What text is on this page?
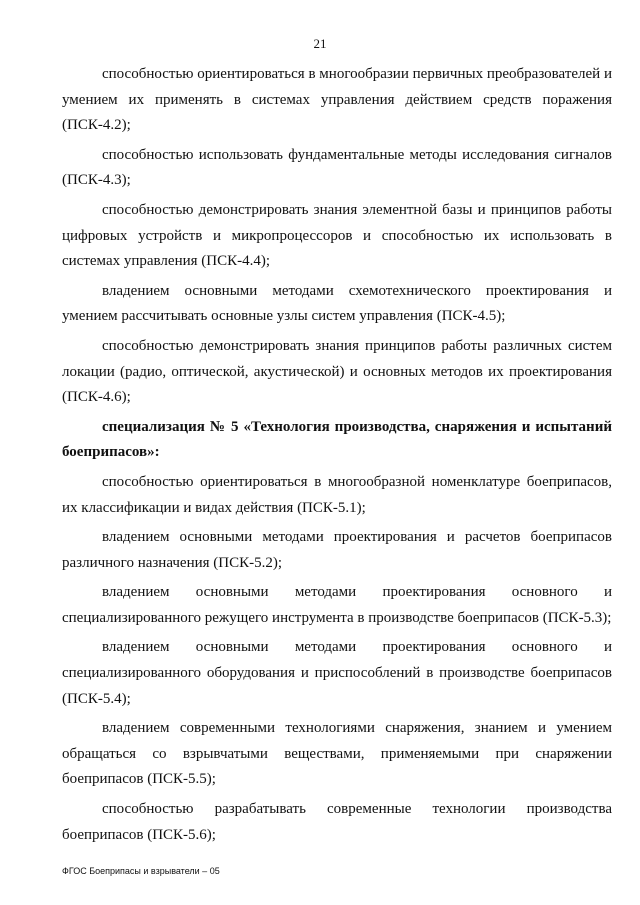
21

способностью ориентироваться в многообразии первичных преобразователей и умением их применять в системах управления действием средств поражения (ПСК-4.2);

способностью использовать фундаментальные методы исследования сигналов (ПСК-4.3);

способностью демонстрировать знания элементной базы и принципов работы цифровых устройств и микропроцессоров и способностью их использовать в системах управления (ПСК-4.4);

владением основными методами схемотехнического проектирования и умением рассчитывать основные узлы систем управления (ПСК-4.5);

способностью демонстрировать знания принципов работы различных систем локации (радио, оптической, акустической) и основных методов их проектирования (ПСК-4.6);

специализация № 5 «Технология производства, снаряжения и испытаний боеприпасов»:

способностью ориентироваться в многообразной номенклатуре боеприпасов, их классификации и видах действия (ПСК-5.1);

владением основными методами проектирования и расчетов боеприпасов различного назначения (ПСК-5.2);

владением основными методами проектирования основного и специализированного режущего инструмента в производстве боеприпасов (ПСК-5.3);

владением основными методами проектирования основного и специализированного оборудования и приспособлений в производстве боеприпасов (ПСК-5.4);

владением современными технологиями снаряжения, знанием и умением обращаться со взрывчатыми веществами, применяемыми при снаряжении боеприпасов (ПСК-5.5);

способностью разрабатывать современные технологии производства боеприпасов (ПСК-5.6);

ФГОС Боеприпасы и взрыватели – 05
